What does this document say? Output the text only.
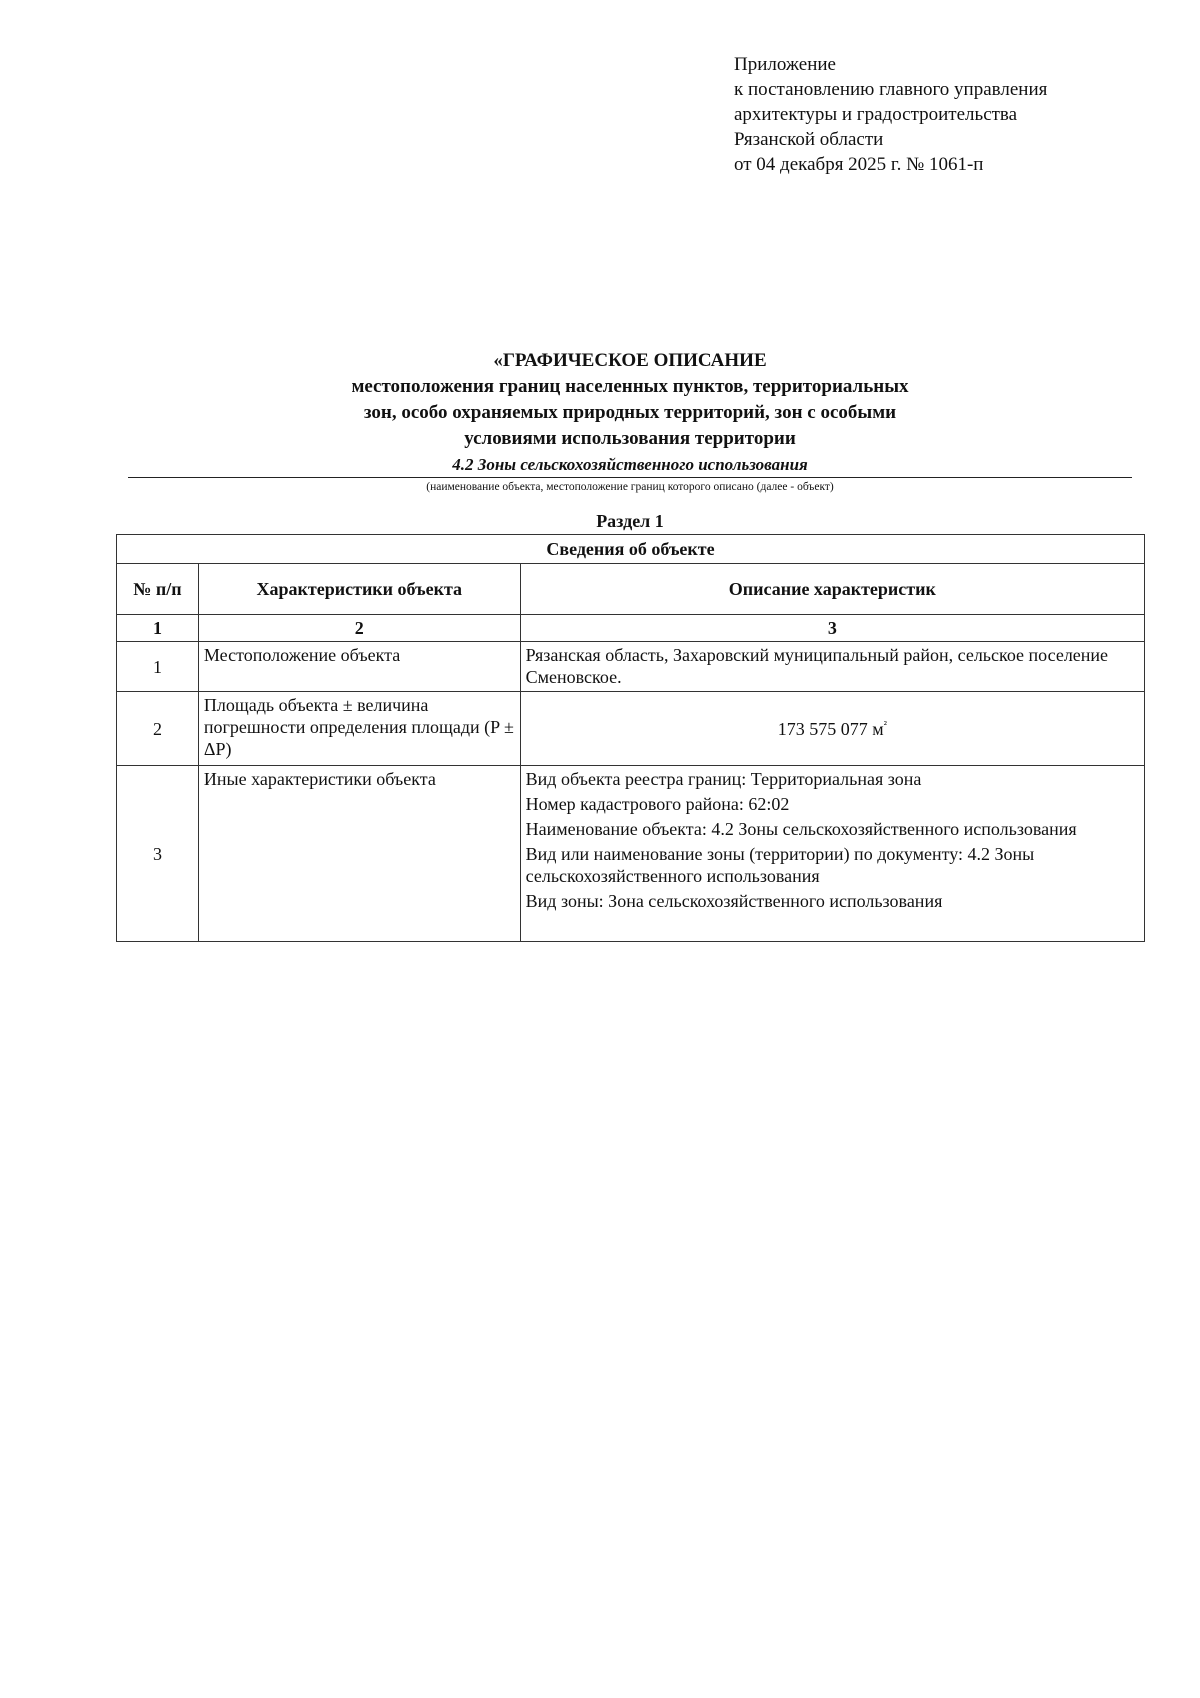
Приложение
к постановлению главного управления
архитектуры и градостроительства
Рязанской области
от 04 декабря 2025 г. № 1061-п
«ГРАФИЧЕСКОЕ ОПИСАНИЕ
местоположения границ населенных пунктов, территориальных
зон, особо охраняемых природных территорий, зон с особыми
условиями использования территории
4.2 Зоны сельскохозяйственного использования
(наименование объекта, местоположение границ которого описано (далее - объект)
Раздел 1
Сведения об объекте		
№ п/п	Характеристики объекта	Описание характеристик
1	2	3
1	Местоположение объекта	Рязанская область, Захаровский муниципальный район, сельское поселение Сменовское.

2	Площадь объекта ± величина погрешности определения площади (P ± ΔP)	173 575 077 $м^{^2}$
3	Иные характеристики объекта	Вид объекта реестра границ: Территориальная зона
Номер кадастрового района: 62:02
Наименование объекта: 4.2 Зоны сельскохозяйственного использования
Вид или наименование зоны (территории) по документу: 4.2 Зоны сельскохозяйственного использования
Вид зоны: Зона сельскохозяйственного использования
